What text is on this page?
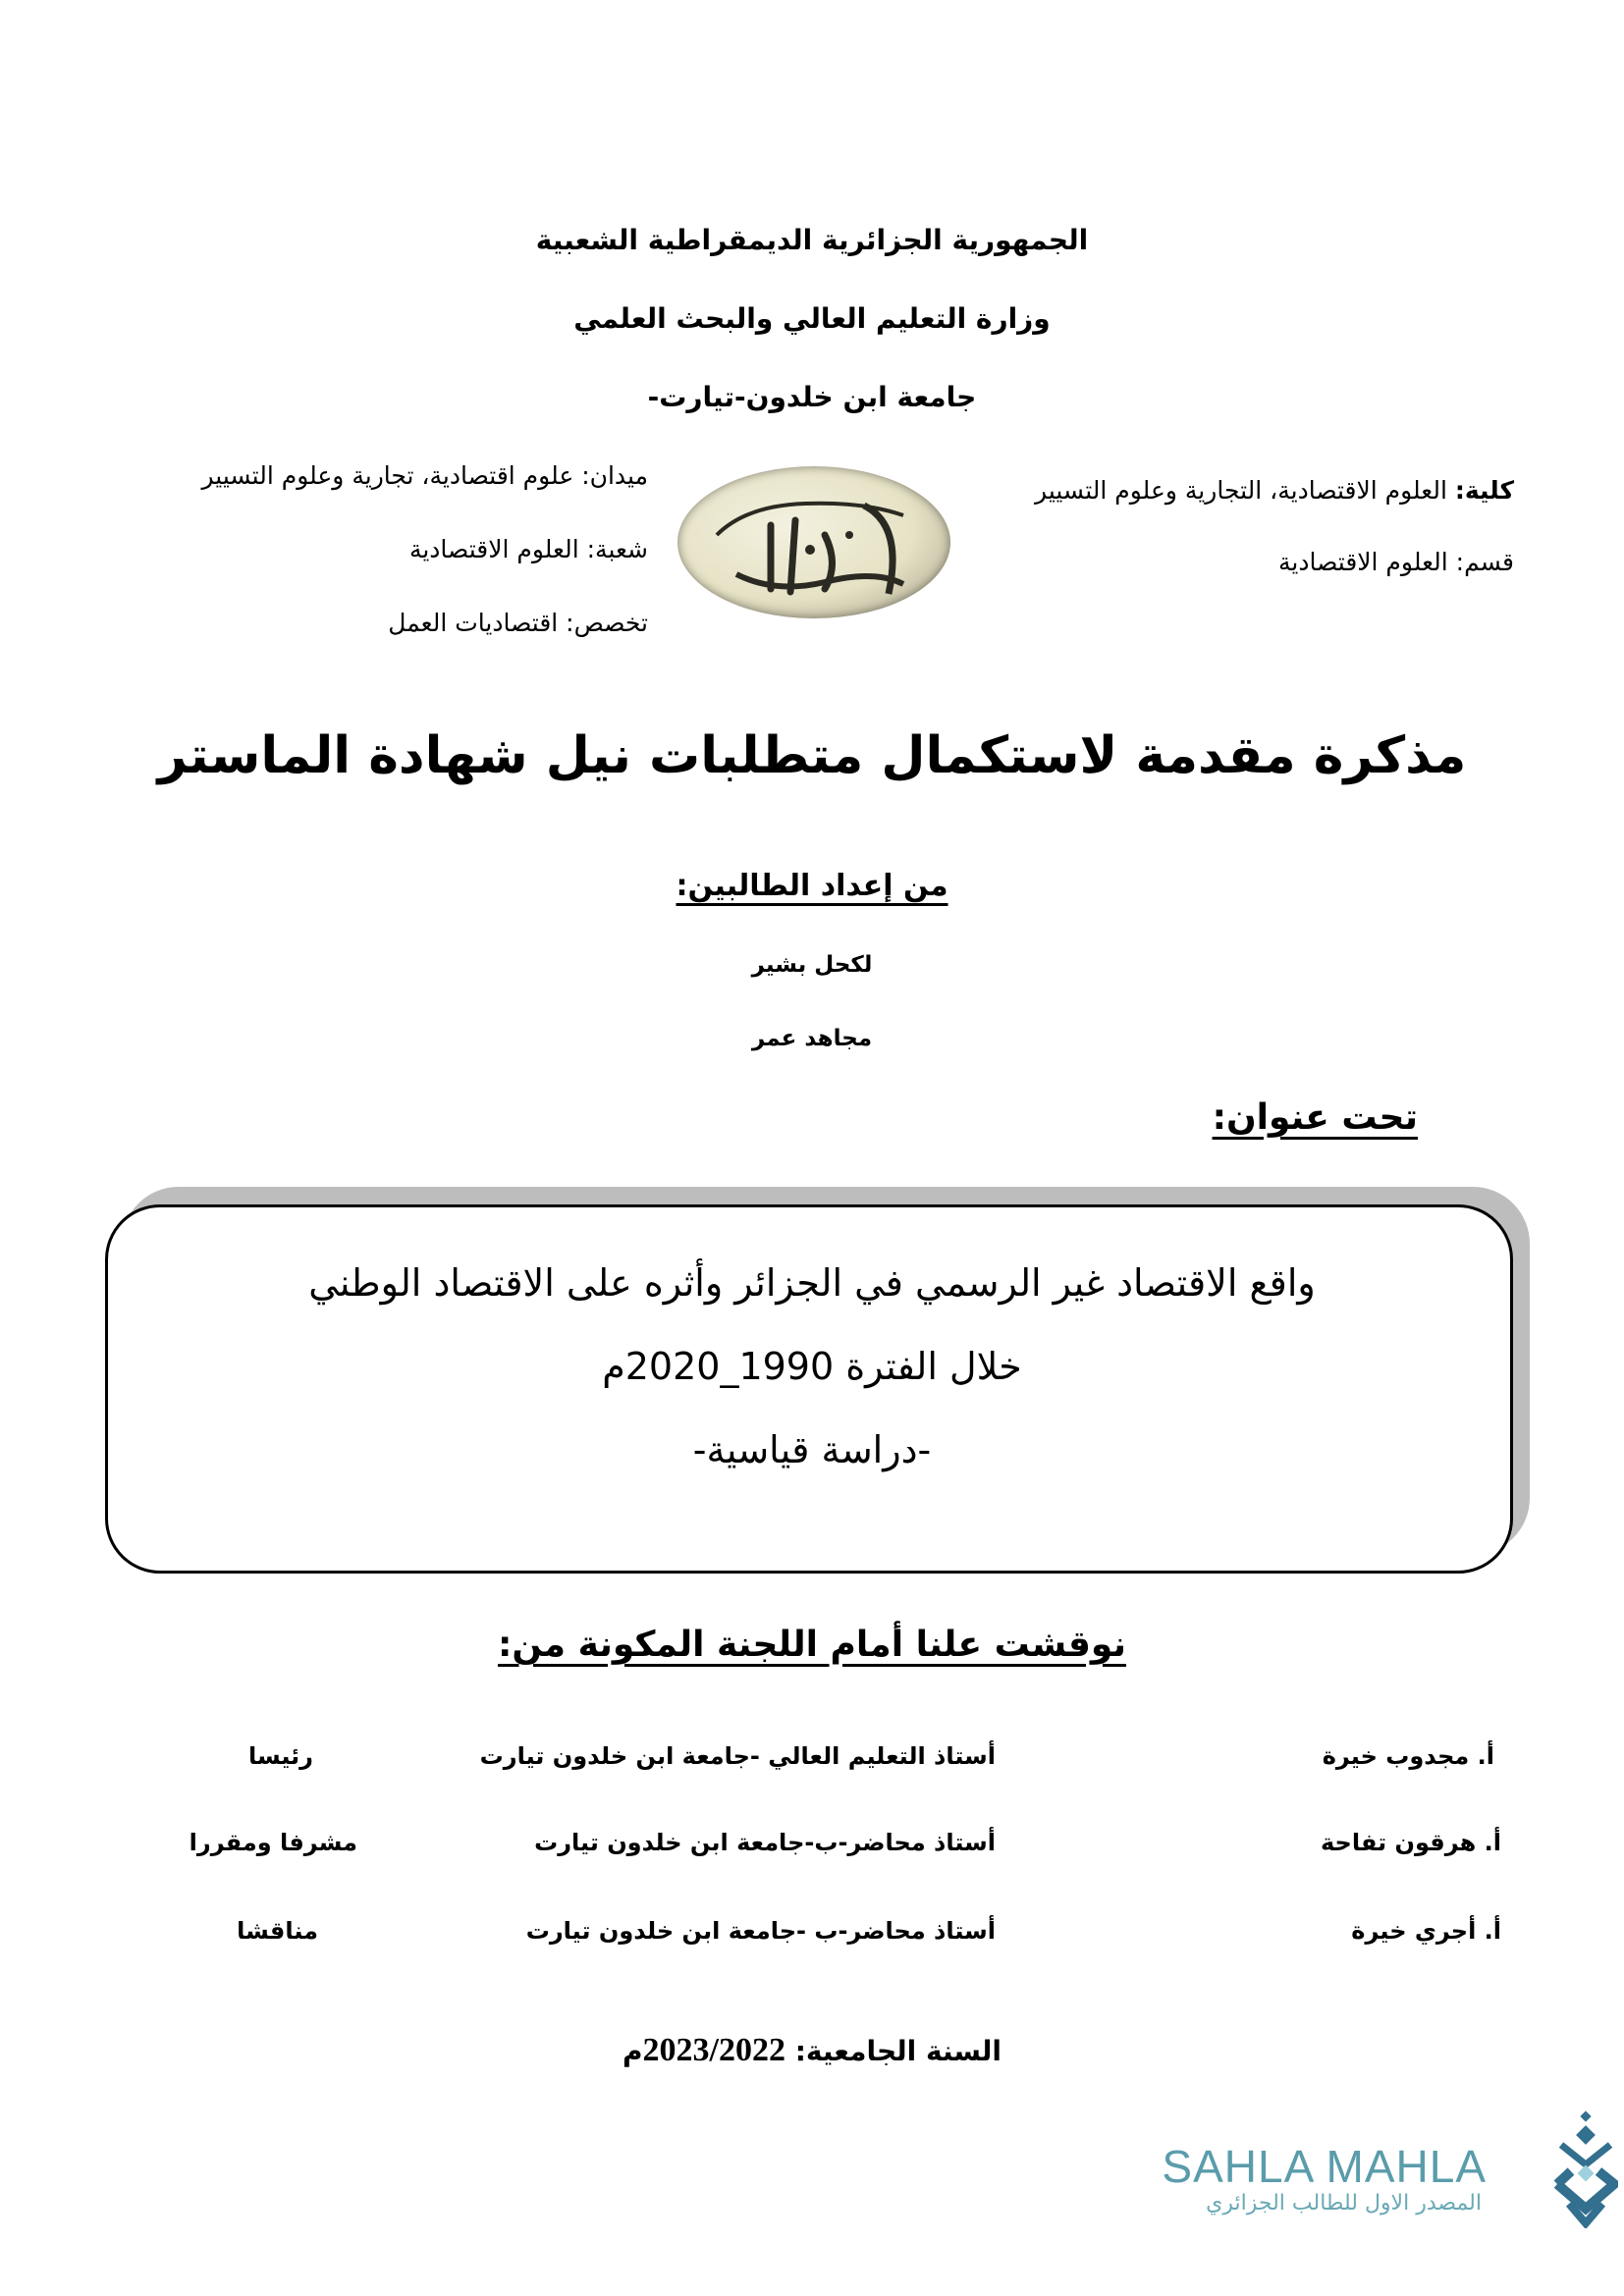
الجمهورية الجزائرية الديمقراطية الشعبية
وزارة التعليم العالي والبحث العلمي
جامعة ابن خلدون-تيارت-
كلية: العلوم الاقتصادية، التجارية وعلوم التسيير
قسم: العلوم الاقتصادية
ميدان: علوم اقتصادية، تجارية وعلوم التسيير
شعبة: العلوم الاقتصادية
تخصص: اقتصاديات العمل
مذكرة مقدمة لاستكمال متطلبات نيل شهادة الماستر
من إعداد الطالبين:
لكحل بشير
مجاهد عمر
تحت عنوان:
واقع الاقتصاد غير الرسمي في الجزائر وأثره على الاقتصاد الوطني
خلال الفترة 1990_2020م
-دراسة قياسية-
نوقشت علنا أمام اللجنة المكونة من:
أ. مجدوب خيرة
أستاذ التعليم العالي -جامعة ابن خلدون تيارت
رئيسا
أ. هرقون تفاحة
أستاذ محاضر-ب-جامعة ابن خلدون تيارت
مشرفا ومقررا
أ. أجري خيرة
أستاذ محاضر-ب -جامعة ابن خلدون تيارت
مناقشا
السنة الجامعية: 2023/2022م
SAHLA MAHLA
المصدر الاول للطالب الجزائري
